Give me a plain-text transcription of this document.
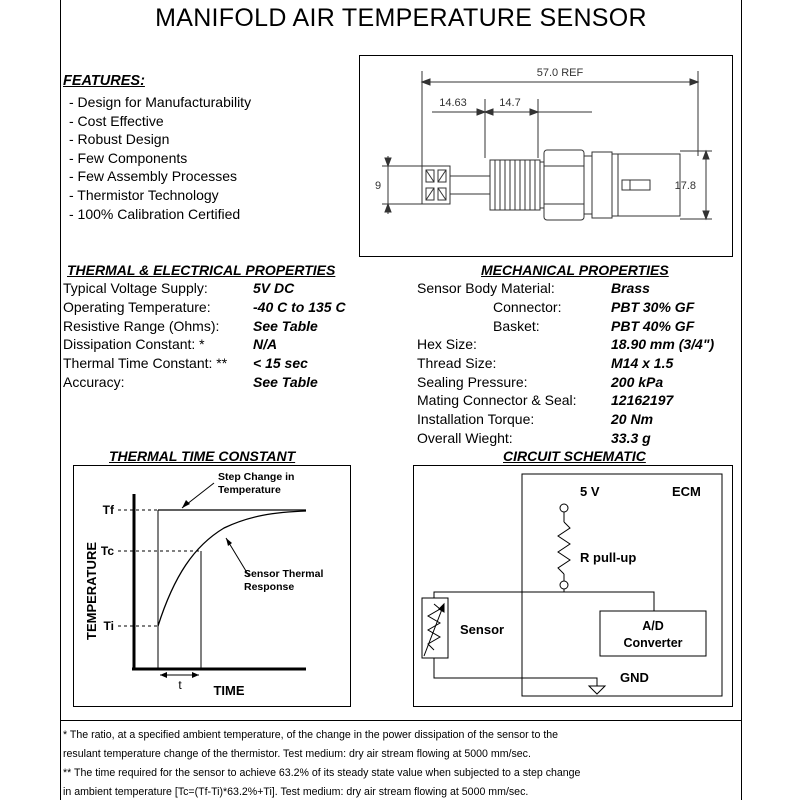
MANIFOLD AIR TEMPERATURE SENSOR
FEATURES:
- Design for Manufacturability
- Cost Effective
- Robust Design
- Few Components
- Few Assembly Processes
- Thermistor Technology
- 100% Calibration Certified
57.0 REF
14.63	14.7
9	17.8
THERMAL & ELECTRICAL PROPERTIES
Typical Voltage Supply:	5V DC
Operating Temperature:	-40 C to 135 C
Resistive Range (Ohms): See Table
Dissipation Constant: *	N/A
Thermal Time Constant: ** < 15 sec
Accuracy:	See Table
MECHANICAL PROPERTIES
Sensor Body Material:	Brass
Connector:	PBT 30% GF
Basket:	PBT 40% GF
Hex Size:	18.90 mm (3/4")
Thread Size:	M14 x 1.5
Sealing Pressure:	200 kPa
Mating Connector & Seal: 12162197
Installation Torque:	20 Nm
Overall Wieght:	33.3 g
THERMAL TIME CONSTANT
Step Change in
Temperature
Sensor Thermal
Response
Tf
Tc
Ti
t TIME
TEMPERATURE
CIRCUIT SCHEMATIC
ECM
5 V
R pull-up
Sensor	A/D
Converter
GND
* The ratio, at a specified ambient temperature, of the change in the power dissipation of the sensor to the
resulant temperature change of the thermistor. Test medium: dry air stream flowing at 5000 mm/sec.
** The time required for the sensor to achieve 63.2% of its steady state value when subjected to a step change
in ambient temperature [Tc=(Tf-Ti)*63.2%+Ti]. Test medium: dry air stream flowing at 5000 mm/sec.
